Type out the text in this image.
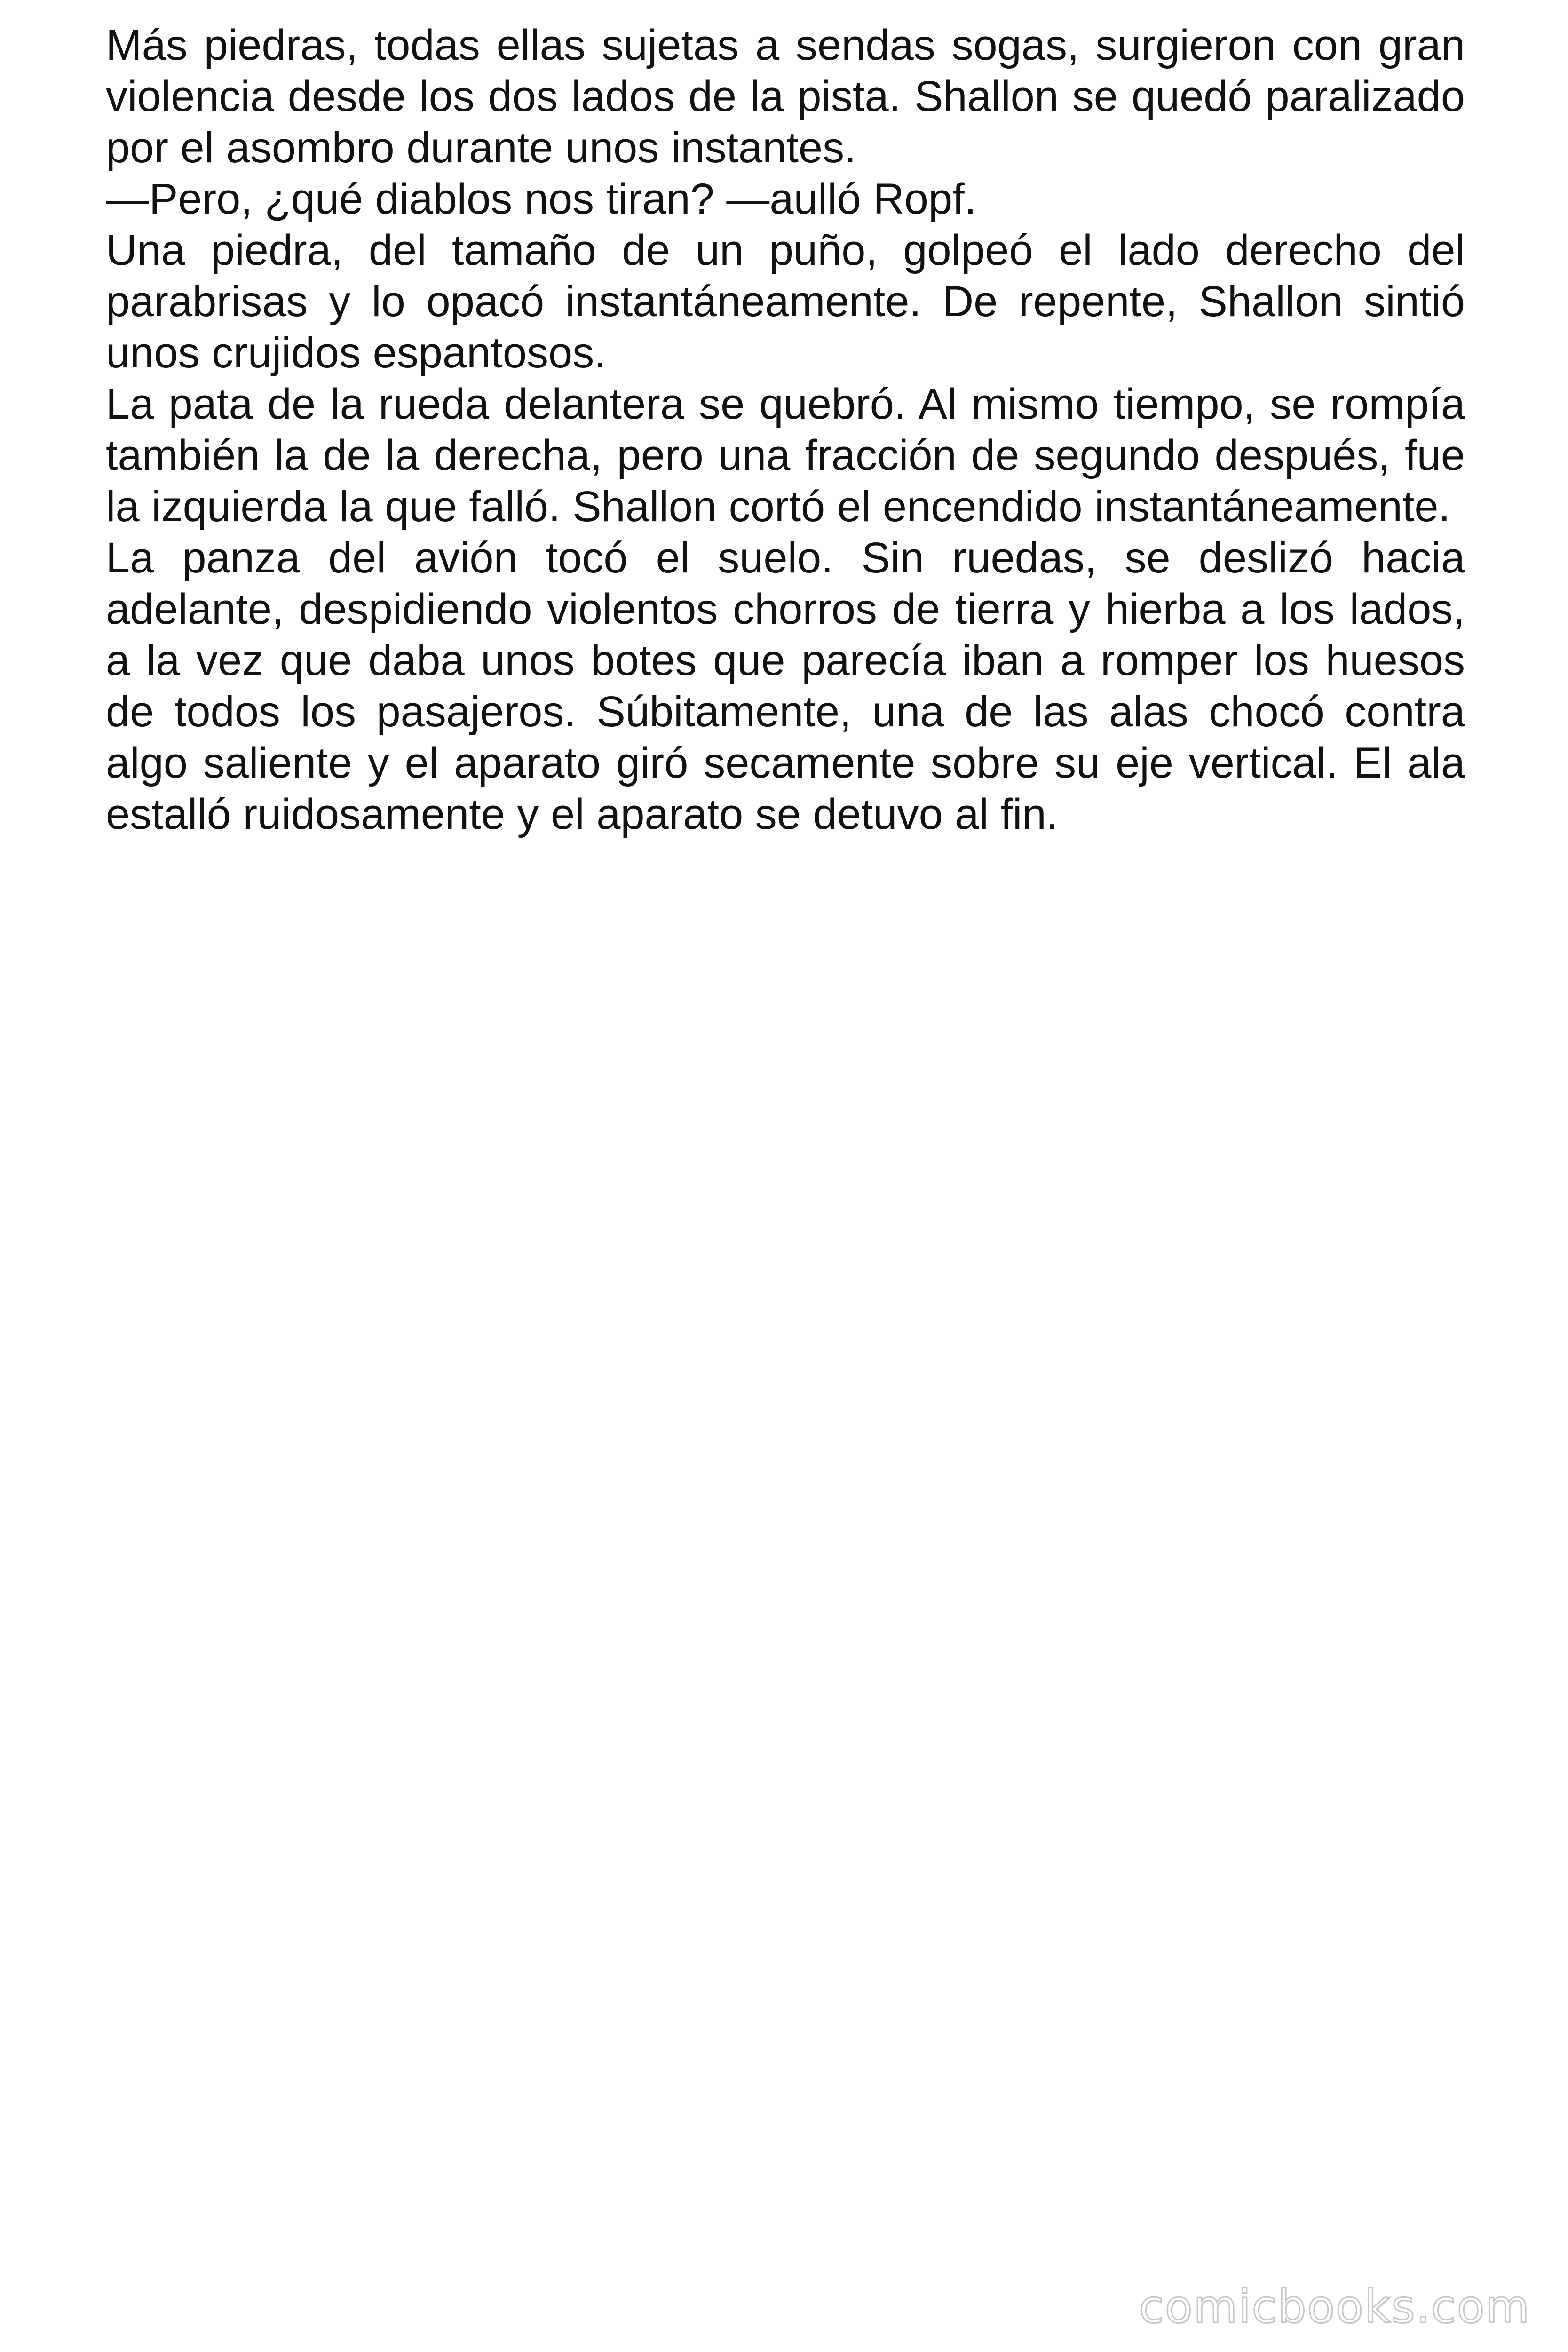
Más piedras, todas ellas sujetas a sendas sogas, surgieron con gran violencia desde los dos lados de la pista. Shallon se quedó paralizado por el asombro durante unos instantes.

—Pero, ¿qué diablos nos tiran? —aulló Ropf.

Una piedra, del tamaño de un puño, golpeó el lado derecho del parabrisas y lo opacó instantáneamente. De repente, Shallon sintió unos crujidos espantosos.

La pata de la rueda delantera se quebró. Al mismo tiempo, se rompía también la de la derecha, pero una fracción de segundo después, fue la izquierda la que falló. Shallon cortó el encendido instantáneamente.

La panza del avión tocó el suelo. Sin ruedas, se deslizó hacia adelante, despidiendo violentos chorros de tierra y hierba a los lados, a la vez que daba unos botes que parecía iban a romper los huesos de todos los pasajeros. Súbitamente, una de las alas chocó contra algo saliente y el aparato giró secamente sobre su eje vertical. El ala estalló ruidosamente y el aparato se detuvo al fin.

comicbooks.com
